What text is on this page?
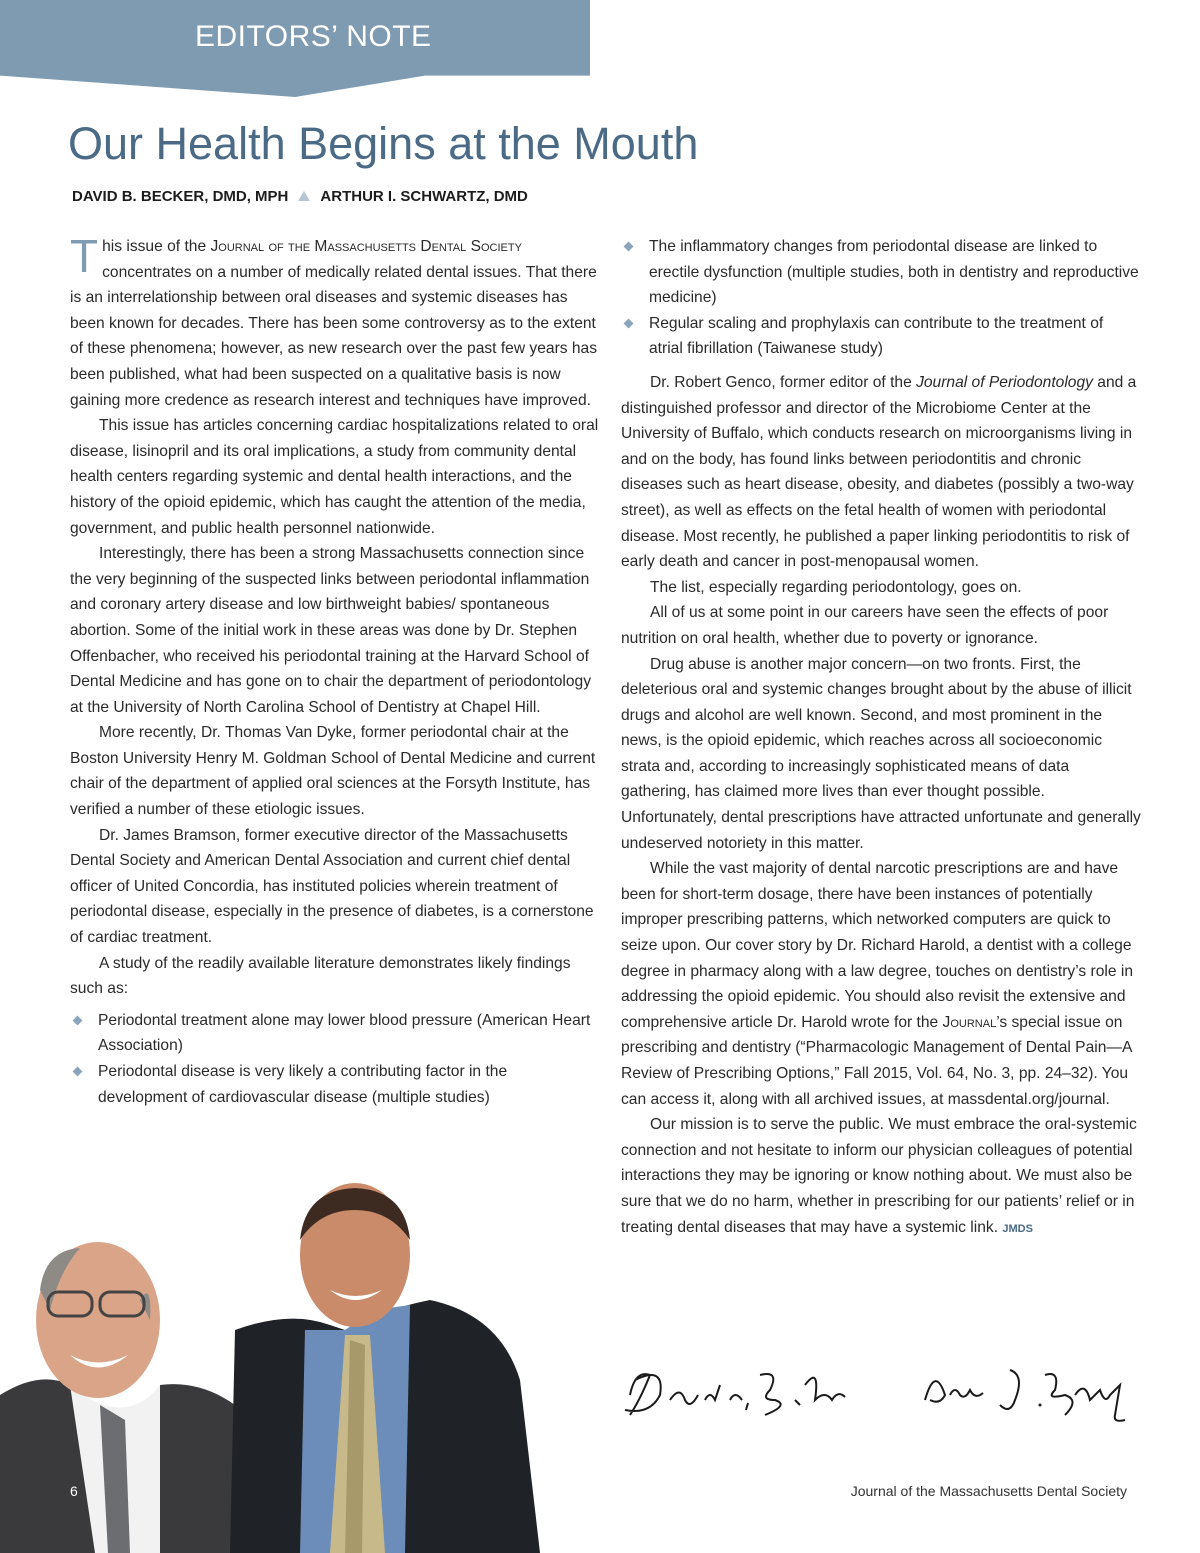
EDITORS’ NOTE
Our Health Begins at the Mouth
DAVID B. BECKER, DMD, MPH ARTHUR I. SCHWARTZ, DMD

This issue of the Journal of the Massachusetts Dental Society concentrates on a number of medically related dental issues. That there is an interrelationship between oral diseases and systemic diseases has been known for decades. There has been some controversy as to the extent of these phenomena; however, as new research over the past few years has been published, what had been suspected on a qualitative basis is now gaining more credence as research interest and techniques have improved.

This issue has articles concerning cardiac hospitalizations related to oral disease, lisinopril and its oral implications, a study from community dental health centers regarding systemic and dental health interactions, and the history of the opioid epidemic, which has caught the attention of the media, government, and public health personnel nationwide.

Interestingly, there has been a strong Massachusetts connection since the very beginning of the suspected links between periodontal inflammation and coronary artery disease and low birthweight babies/ spontaneous abortion. Some of the initial work in these areas was done by Dr. Stephen Offenbacher, who received his periodontal training at the Harvard School of Dental Medicine and has gone on to chair the department of periodontology at the University of North Carolina School of Dentistry at Chapel Hill.

More recently, Dr. Thomas Van Dyke, former periodontal chair at the Boston University Henry M. Goldman School of Dental Medicine and current chair of the department of applied oral sciences at the Forsyth Institute, has verified a number of these etiologic issues.

Dr. James Bramson, former executive director of the Massachusetts Dental Society and American Dental Association and current chief dental officer of United Concordia, has instituted policies wherein treatment of periodontal disease, especially in the presence of diabetes, is a cornerstone of cardiac treatment.

A study of the readily available literature demonstrates likely findings such as:

Periodontal treatment alone may lower blood pressure (American Heart Association)
Periodontal disease is very likely a contributing factor in the development of cardiovascular disease (multiple studies)
The inflammatory changes from periodontal disease are linked to erectile dysfunction (multiple studies, both in dentistry and reproductive medicine)
Regular scaling and prophylaxis can contribute to the treatment of atrial fibrillation (Taiwanese study)

Dr. Robert Genco, former editor of the Journal of Periodontology and a distinguished professor and director of the Microbiome Center at the University of Buffalo, which conducts research on microorganisms living in and on the body, has found links between periodontitis and chronic diseases such as heart disease, obesity, and diabetes (possibly a two-way street), as well as effects on the fetal health of women with periodontal disease. Most recently, he published a paper linking periodontitis to risk of early death and cancer in post-menopausal women.

The list, especially regarding periodontology, goes on.

All of us at some point in our careers have seen the effects of poor nutrition on oral health, whether due to poverty or ignorance.

Drug abuse is another major concern—on two fronts. First, the deleterious oral and systemic changes brought about by the abuse of illicit drugs and alcohol are well known. Second, and most prominent in the news, is the opioid epidemic, which reaches across all socioeconomic strata and, according to increasingly sophisticated means of data gathering, has claimed more lives than ever thought possible. Unfortunately, dental prescriptions have attracted unfortunate and generally undeserved notoriety in this matter.

While the vast majority of dental narcotic prescriptions are and have been for short-term dosage, there have been instances of potentially improper prescribing patterns, which networked computers are quick to seize upon. Our cover story by Dr. Richard Harold, a dentist with a college degree in pharmacy along with a law degree, touches on dentistry’s role in addressing the opioid epidemic. You should also revisit the extensive and comprehensive article Dr. Harold wrote for the Journal’s special issue on prescribing and dentistry (“Pharmacologic Management of Dental Pain—A Review of Prescribing Options,” Fall 2015, Vol. 64, No. 3, pp. 24–32). You can access it, along with all archived issues, at massdental.org/journal.

Our mission is to serve the public. We must embrace the oral-systemic connection and not hesitate to inform our physician colleagues of potential interactions they may be ignoring or know nothing about. We must also be sure that we do no harm, whether in prescribing for our patients’ relief or in treating dental diseases that may have a systemic link. JMDS

6	Journal of the Massachusetts Dental Society
